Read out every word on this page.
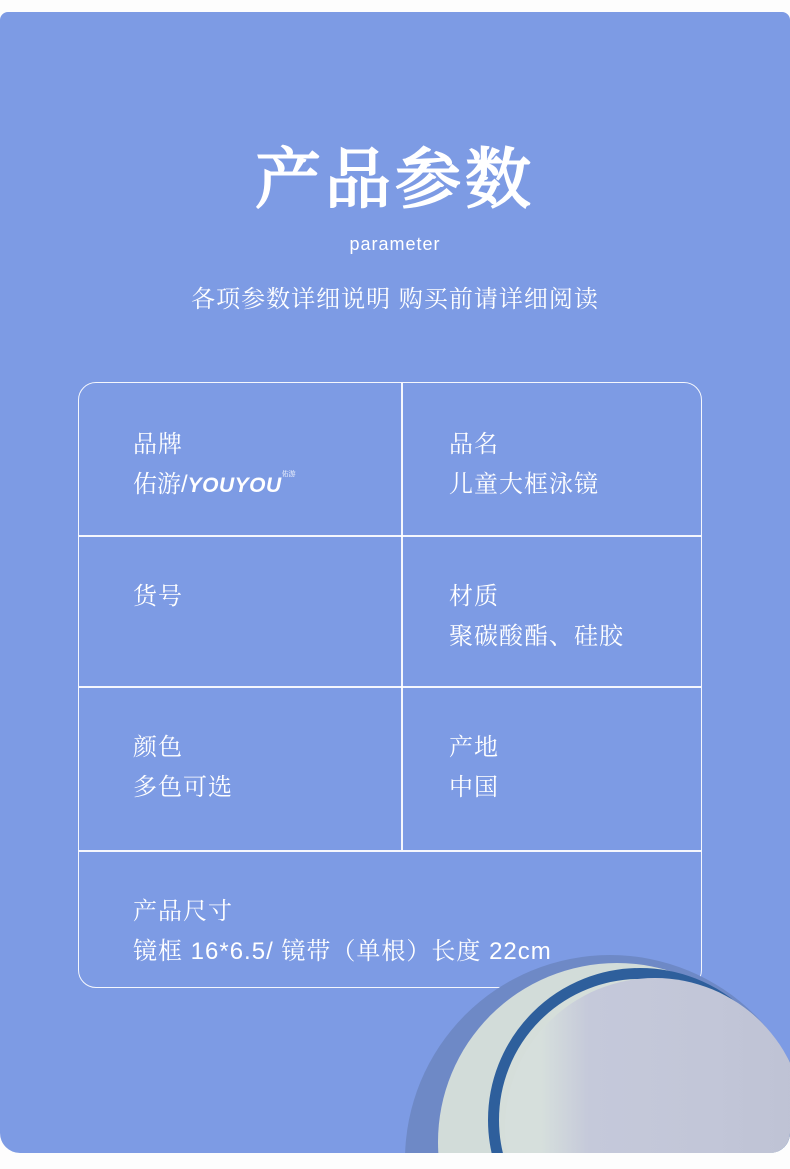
产品参数
parameter
各项参数详细说明 购买前请详细阅读
品牌
佑游/YOUYOU佑游
品名
儿童大框泳镜
货号	材质
聚碳酸酯、硅胶
颜色
多色可选
产地
中国
产品尺寸
镜框 16*6.5/ 镜带（单根）长度 22cm
